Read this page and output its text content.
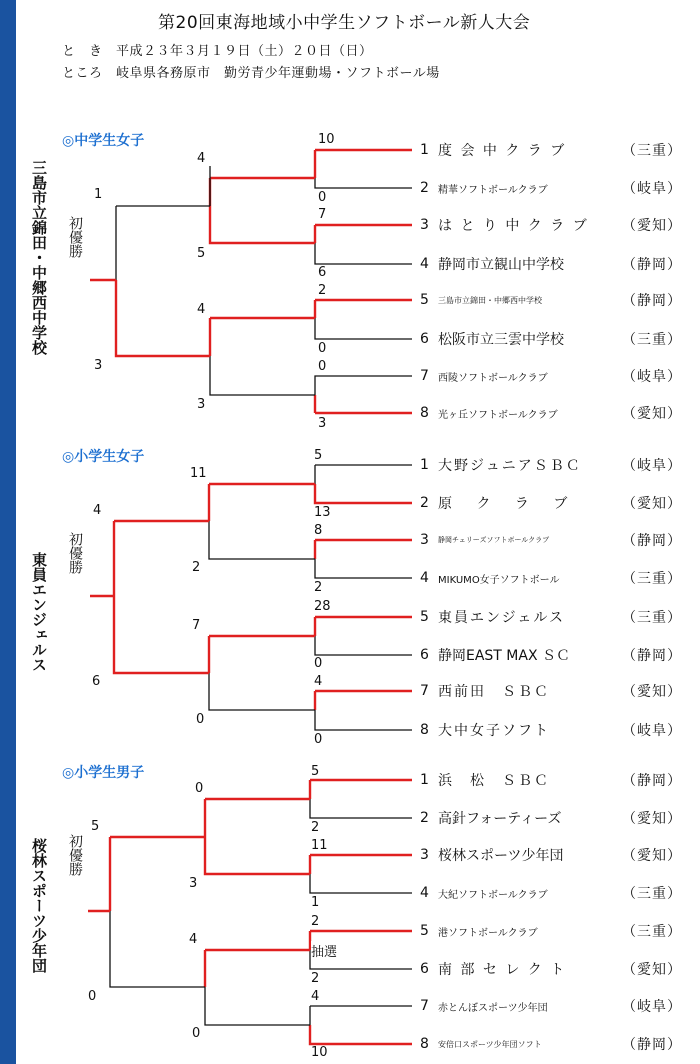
第20回東海地域小中学生ソフトボール新人大会
と　き　平成２３年３月１９日（土）２０日（日）
ところ　岐阜県各務原市　勤労青少年運動場・ソフトボール場
◎中学生女子
三島市立錦田・中郷西中学校	初優勝
1 度 会 中 ク ラ ブ	（三重）
2 精華ソフトボールクラブ	（岐阜）
3 は と り 中 ク ラ ブ	（愛知）
4 静岡市立観山中学校	（静岡）
5	三島市立錦田・中郷西中学校	（静岡）
6 松阪市立三雲中学校	（三重）
7 西陵ソフトボールクラブ	（岐阜）
8 光ヶ丘ソフトボールクラブ	（愛知）
10
0
7
6
2
0
0
3
4
5
4
3
1
3
◎小学生女子
東員エンジェルス	初優勝
1 大野ジュニアＳＢＣ	（岐阜）
2 原　 ク　 ラ　 ブ	（愛知）
3	静岡チェリーズソフトボールクラブ	（静岡）
4 MIKUMO女子ソフトボール	（三重）
5 東員エンジェルス	（三重）
6 静岡EAST MAX ＳＣ	（静岡）
7 西前田　ＳＢＣ	（愛知）
8 大中女子ソフト	（岐阜）
5
13
8
2
28
0
4
0
11
2
7
0
4
6
◎小学生男子
桜林スポーツ少年団	初優勝
1 浜　松　ＳＢＣ	（静岡）
2 高針フォーティーズ	（愛知）
3 桜林スポーツ少年団	（愛知）
4 大紀ソフトボールクラブ	（三重）
5 港ソフトボールクラブ	（三重）
6 南 部 セ レ ク ト	（愛知）
7 赤とんぼスポーツ少年団	（岐阜）
8	安倍口スポーツ少年団ソフト	（静岡）
5
2
11
1
2
2
4
10
抽選
0
3
4
0
5
0
